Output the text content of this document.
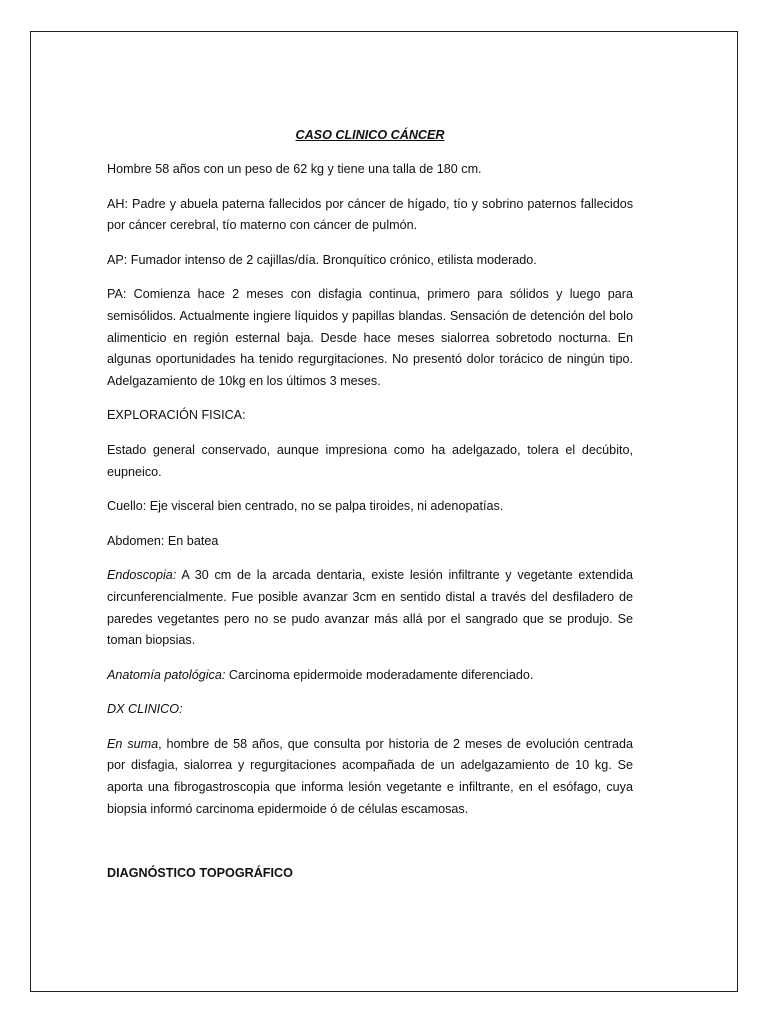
CASO CLINICO CÁNCER

Hombre 58 años con un peso de 62 kg y tiene una talla de 180 cm.

AH: Padre y abuela paterna fallecidos por cáncer de hígado, tío y sobrino paternos fallecidos por cáncer cerebral, tío materno con cáncer de pulmón.

AP: Fumador intenso de 2 cajillas/día. Bronquítico crónico, etilista moderado.

PA: Comienza hace 2 meses con disfagia continua, primero para sólidos y luego para semisólidos. Actualmente ingiere líquidos y papillas blandas. Sensación de detención del bolo alimenticio en región esternal baja. Desde hace meses sialorrea sobretodo nocturna. En algunas oportunidades ha tenido regurgitaciones. No presentó dolor torácico de ningún tipo. Adelgazamiento de 10kg en los últimos 3 meses.

EXPLORACIÓN FISICA:

Estado general conservado, aunque impresiona como ha adelgazado, tolera el decúbito, eupneico.

Cuello: Eje visceral bien centrado, no se palpa tiroides, ni adenopatías.

Abdomen: En batea

Endoscopia: A 30 cm de la arcada dentaria, existe lesión infiltrante y vegetante extendida circunferencialmente. Fue posible avanzar 3cm en sentido distal a través del desfiladero de paredes vegetantes pero no se pudo avanzar más allá por el sangrado que se produjo. Se toman biopsias.

Anatomía patológica: Carcinoma epidermoide moderadamente diferenciado.

DX CLINICO:

En suma, hombre de 58 años, que consulta por historia de 2 meses de evolución centrada por disfagia, sialorrea y regurgitaciones acompañada de un adelgazamiento de 10 kg. Se aporta una fibrogastroscopia que informa lesión vegetante e infiltrante, en el esófago, cuya biopsia informó carcinoma epidermoide ó de células escamosas.

DIAGNÓSTICO TOPOGRÁFICO
